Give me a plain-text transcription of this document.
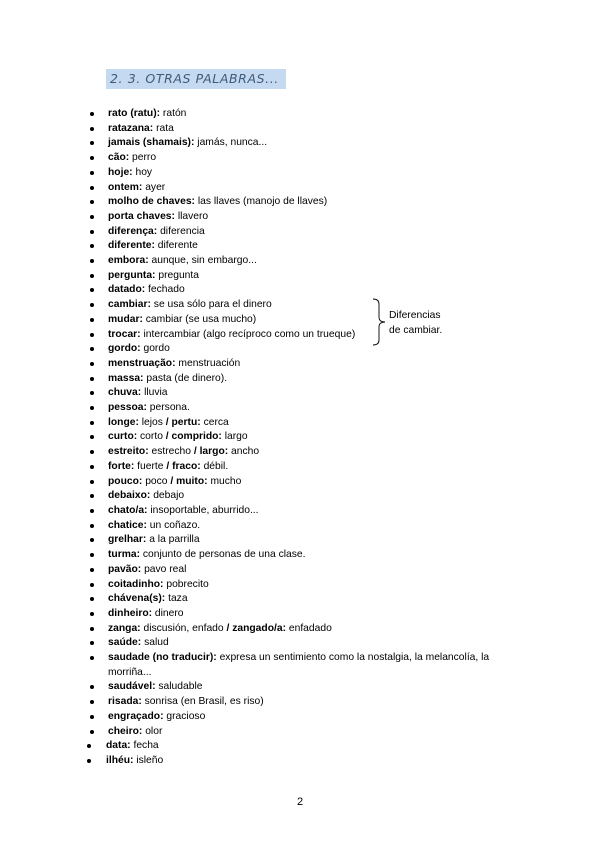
2. 3. OTRAS PALABRAS...
rato (ratu): ratón
ratazana: rata
jamais (shamais): jamás, nunca...
cão: perro
hoje: hoy
ontem: ayer
molho de chaves: las llaves (manojo de llaves)
porta chaves: llavero
diferença: diferencia
diferente: diferente
embora: aunque, sin embargo...
pergunta: pregunta
datado: fechado
cambiar: se usa sólo para el dinero
mudar: cambiar (se usa mucho)
trocar: intercambiar (algo recíproco como un trueque)
gordo: gordo
menstruação: menstruación
massa: pasta (de dinero).
chuva: lluvia
pessoa: persona.
longe: lejos / pertu: cerca
curto: corto / comprido: largo
estreito: estrecho / largo: ancho
forte: fuerte / fraco: débil.
pouco: poco / muito: mucho
debaixo: debajo
chato/a: insoportable, aburrido...
chatice: un coñazo.
grelhar: a la parrilla
turma: conjunto de personas de una clase.
pavão: pavo real
coitadinho: pobrecito
chávena(s): taza
dinheiro: dinero
zanga: discusión, enfado / zangado/a: enfadado
saúde: salud
saudade (no traducir): expresa un sentimiento como la nostalgia, la melancolía, la morriña...
saudável: saludable
risada: sonrisa (en Brasil, es riso)
engraçado: gracioso
cheiro: olor
data: fecha
ilhéu: isleño
Diferencias
de cambiar.
2
